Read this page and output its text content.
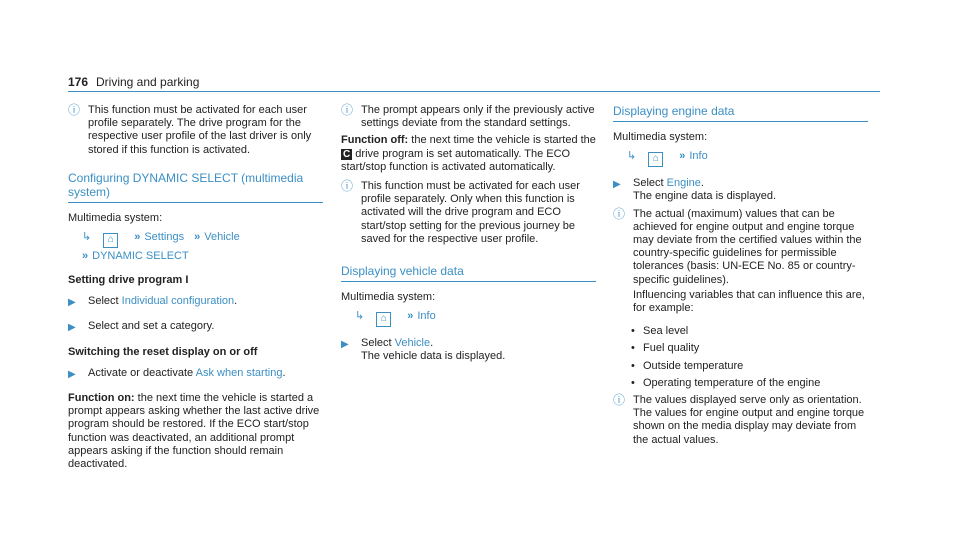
176 Driving and parking
ⓘ This function must be activated for each user profile separately. The drive program for the respective user profile of the last driver is only stored if this function is activated.
Configuring DYNAMIC SELECT (multimedia system)
Multimedia system:
↳ ⌂ » Settings » Vehicle
» DYNAMIC SELECT
Setting drive program I
▶ Select Individual configuration.
▶ Select and set a category.
Switching the reset display on or off
▶ Activate or deactivate Ask when starting.
Function on: the next time the vehicle is started a prompt appears asking whether the last active drive program should be restored. If the ECO start/stop function was deactivated, an additional prompt appears asking if the function should remain deactivated.
ⓘ The prompt appears only if the previously active settings deviate from the standard settings.
Function off: the next time the vehicle is started the C drive program is set automatically. The ECO start/stop function is activated automatically.
ⓘ This function must be activated for each user profile separately. Only when this function is activated will the drive program and ECO start/stop setting for the previous journey be saved for the respective user profile.
Displaying vehicle data
Multimedia system:
↳ ⌂ » Info
▶ Select Vehicle.
The vehicle data is displayed.
Displaying engine data
Multimedia system:
↳ ⌂ » Info
▶ Select Engine.
The engine data is displayed.
ⓘ The actual (maximum) values that can be achieved for engine output and engine torque may deviate from the certified values within the country-specific guidelines for permissible tolerances (basis: UN-ECE No. 85 or country-specific guidelines).
Influencing variables that can influence this are, for example:
• Sea level
• Fuel quality
• Outside temperature
• Operating temperature of the engine
ⓘ The values displayed serve only as orientation. The values for engine output and engine torque shown on the media display may deviate from the actual values.
